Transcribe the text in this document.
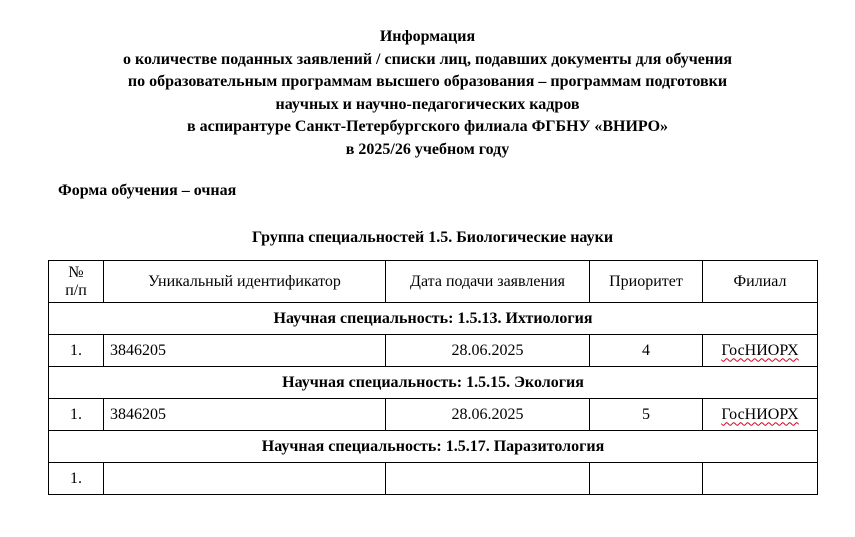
Информация
о количестве поданных заявлений / списки лиц, подавших документы для обучения
по образовательным программам высшего образования – программам подготовки
научных и научно-педагогических кадров
в аспирантуре Санкт-Петербургского филиала ФГБНУ «ВНИРО»
в 2025/26 учебном году
Форма обучения – очная
Группа специальностей 1.5. Биологические науки
№
п/п	Уникальный идентификатор	Дата подачи заявления	Приоритет	Филиал
Научная специальность: 1.5.13. Ихтиология				
1.	3846205	28.06.2025	4	ГосНИОРХ
Научная специальность: 1.5.15. Экология				
1.	3846205	28.06.2025	5	ГосНИОРХ
Научная специальность: 1.5.17. Паразитология				
1.				
